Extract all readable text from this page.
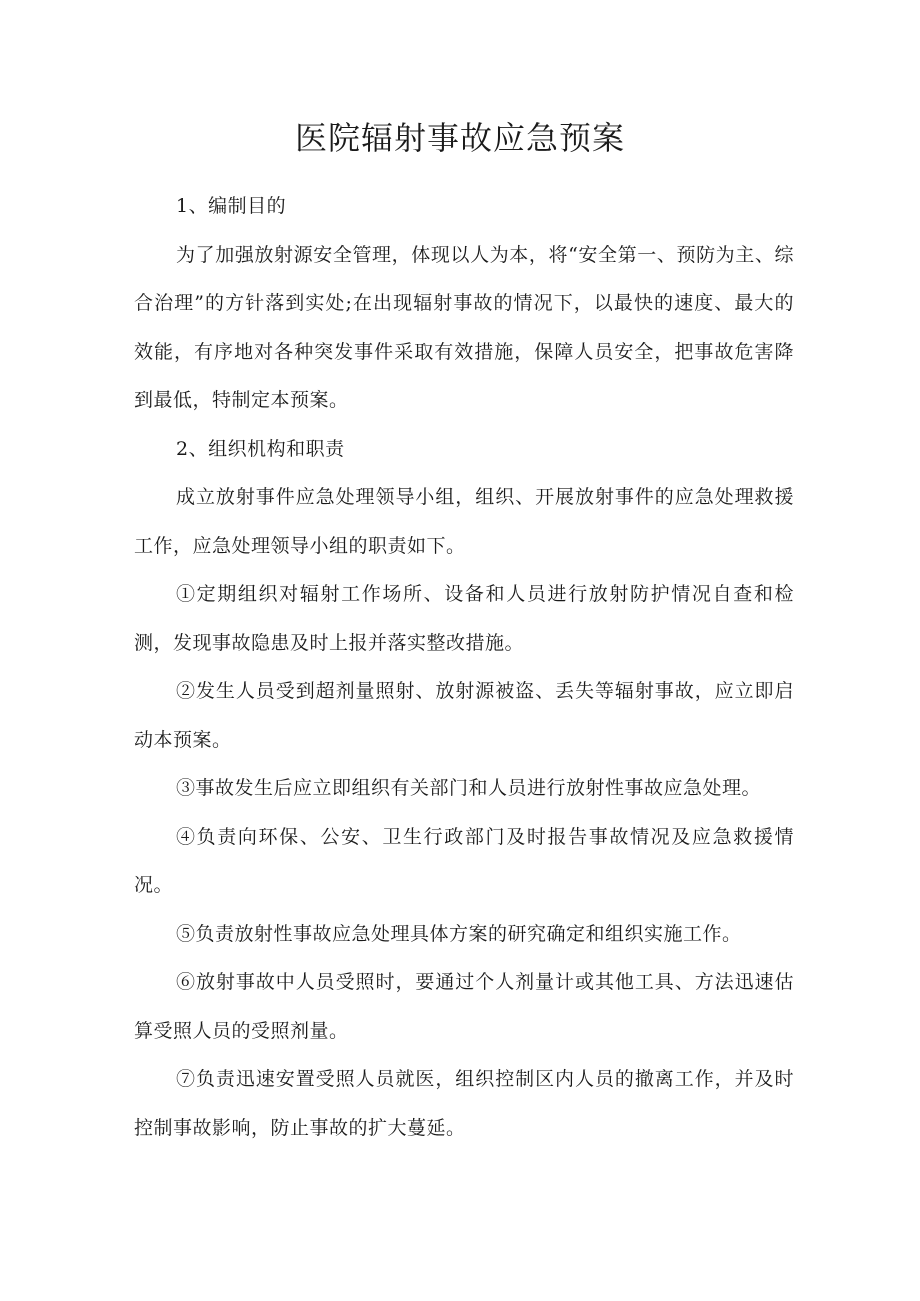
医院辐射事故应急预案

1、编制目的

为了加强放射源安全管理，体现以人为本，将“安全第一、预防为主、综合治理”的方针落到实处;在出现辐射事故的情况下，以最快的速度、最大的效能，有序地对各种突发事件采取有效措施，保障人员安全，把事故危害降到最低，特制定本预案。

2、组织机构和职责

成立放射事件应急处理领导小组，组织、开展放射事件的应急处理救援工作，应急处理领导小组的职责如下。

①定期组织对辐射工作场所、设备和人员进行放射防护情况自查和检测，发现事故隐患及时上报并落实整改措施。

②发生人员受到超剂量照射、放射源被盗、丢失等辐射事故，应立即启动本预案。

③事故发生后应立即组织有关部门和人员进行放射性事故应急处理。

④负责向环保、公安、卫生行政部门及时报告事故情况及应急救援情况。

⑤负责放射性事故应急处理具体方案的研究确定和组织实施工作。

⑥放射事故中人员受照时，要通过个人剂量计或其他工具、方法迅速估算受照人员的受照剂量。

⑦负责迅速安置受照人员就医，组织控制区内人员的撤离工作，并及时控制事故影响，防止事故的扩大蔓延。
